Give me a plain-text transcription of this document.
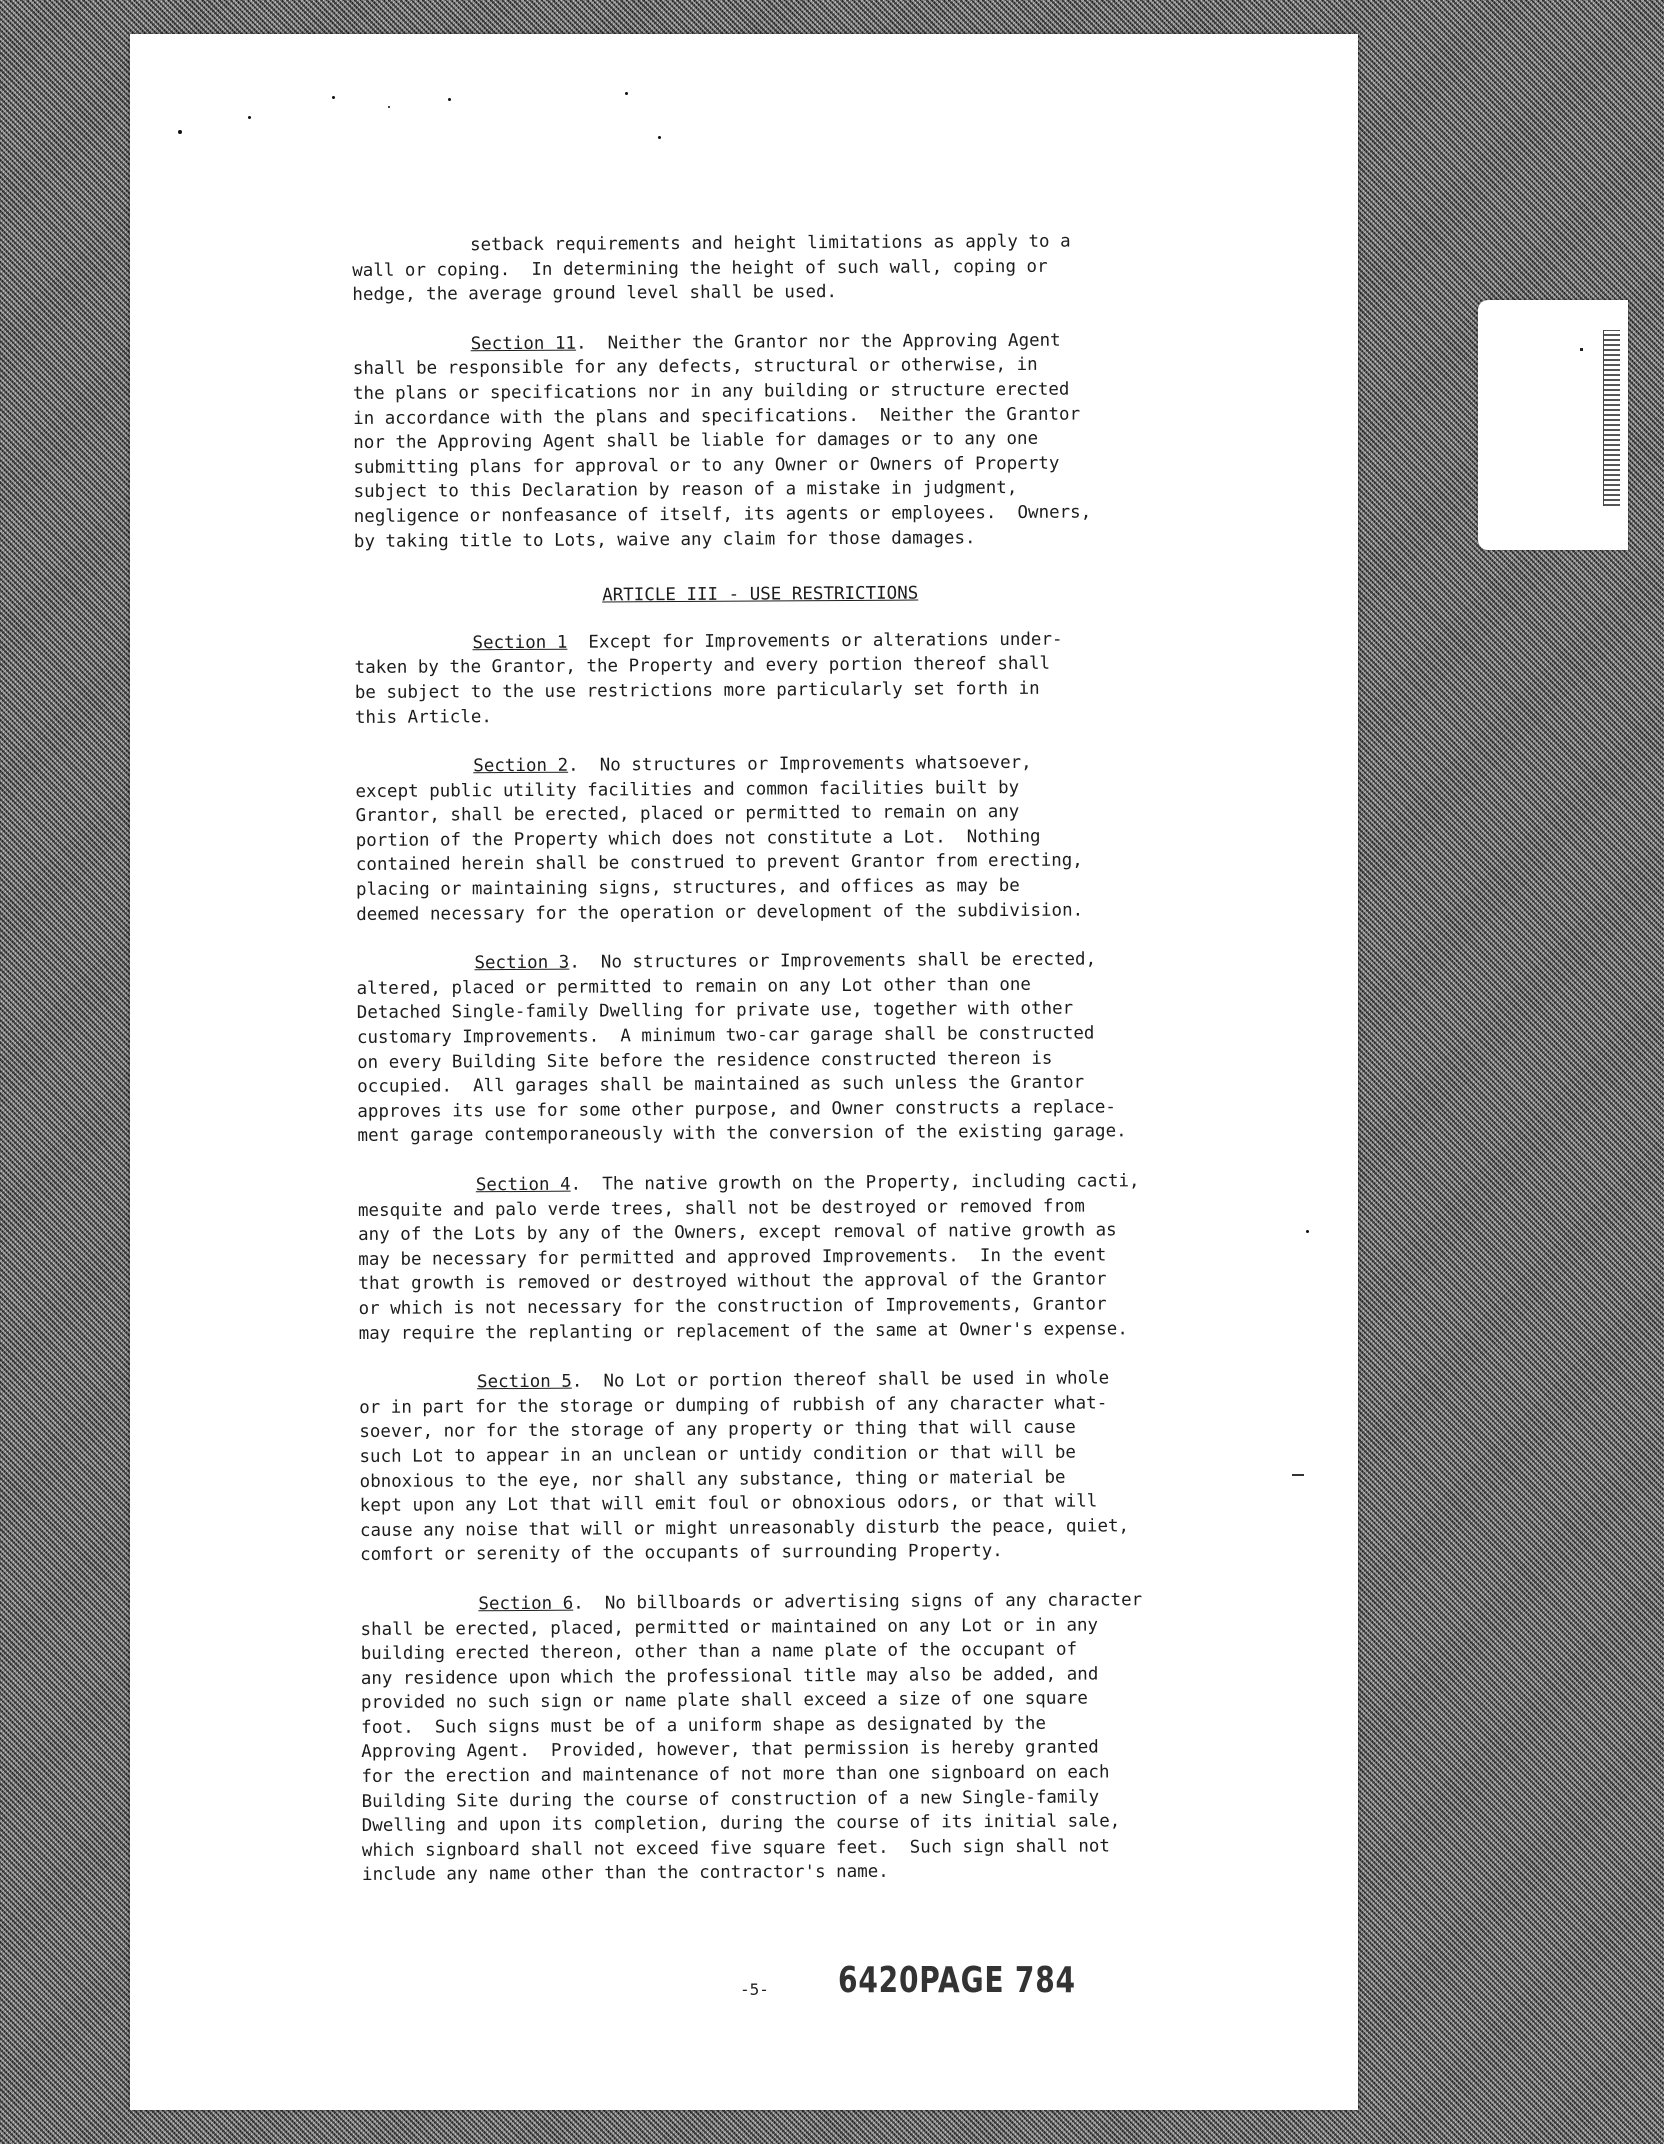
setback requirements and height limitations as apply to a
wall or coping.  In determining the height of such wall, coping or
hedge, the average ground level shall be used.
Section 11.  Neither the Grantor nor the Approving Agent
shall be responsible for any defects, structural or otherwise, in
the plans or specifications nor in any building or structure erected
in accordance with the plans and specifications.  Neither the Grantor
nor the Approving Agent shall be liable for damages or to any one
submitting plans for approval or to any Owner or Owners of Property
subject to this Declaration by reason of a mistake in judgment,
negligence or nonfeasance of itself, its agents or employees.  Owners,
by taking title to Lots, waive any claim for those damages.
ARTICLE III - USE RESTRICTIONS
Section 1  Except for Improvements or alterations under-
taken by the Grantor, the Property and every portion thereof shall
be subject to the use restrictions more particularly set forth in
this Article.
Section 2.  No structures or Improvements whatsoever,
except public utility facilities and common facilities built by
Grantor, shall be erected, placed or permitted to remain on any
portion of the Property which does not constitute a Lot.  Nothing
contained herein shall be construed to prevent Grantor from erecting,
placing or maintaining signs, structures, and offices as may be
deemed necessary for the operation or development of the subdivision.
Section 3.  No structures or Improvements shall be erected,
altered, placed or permitted to remain on any Lot other than one
Detached Single-family Dwelling for private use, together with other
customary Improvements.  A minimum two-car garage shall be constructed
on every Building Site before the residence constructed thereon is
occupied.  All garages shall be maintained as such unless the Grantor
approves its use for some other purpose, and Owner constructs a replace-
ment garage contemporaneously with the conversion of the existing garage.
Section 4.  The native growth on the Property, including cacti,
mesquite and palo verde trees, shall not be destroyed or removed from
any of the Lots by any of the Owners, except removal of native growth as
may be necessary for permitted and approved Improvements.  In the event
that growth is removed or destroyed without the approval of the Grantor
or which is not necessary for the construction of Improvements, Grantor
may require the replanting or replacement of the same at Owner's expense.
Section 5.  No Lot or portion thereof shall be used in whole
or in part for the storage or dumping of rubbish of any character what-
soever, nor for the storage of any property or thing that will cause
such Lot to appear in an unclean or untidy condition or that will be
obnoxious to the eye, nor shall any substance, thing or material be
kept upon any Lot that will emit foul or obnoxious odors, or that will
cause any noise that will or might unreasonably disturb the peace, quiet,
comfort or serenity of the occupants of surrounding Property.
Section 6.  No billboards or advertising signs of any character
shall be erected, placed, permitted or maintained on any Lot or in any
building erected thereon, other than a name plate of the occupant of
any residence upon which the professional title may also be added, and
provided no such sign or name plate shall exceed a size of one square
foot.  Such signs must be of a uniform shape as designated by the
Approving Agent.  Provided, however, that permission is hereby granted
for the erection and maintenance of not more than one signboard on each
Building Site during the course of construction of a new Single-family
Dwelling and upon its completion, during the course of its initial sale,
which signboard shall not exceed five square feet.  Such sign shall not
include any name other than the contractor's name.
-5- 6420PAGE 784
